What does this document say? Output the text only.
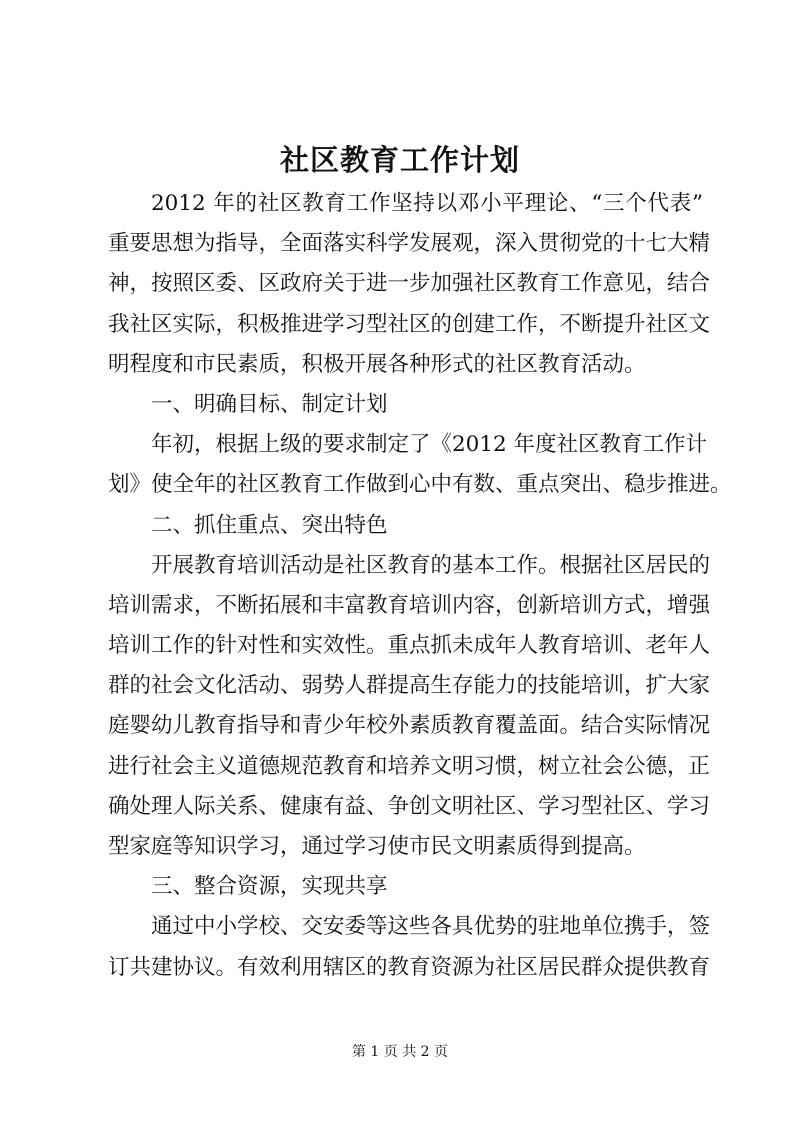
社区教育工作计划
2012 年的社区教育工作坚持以邓小平理论、“三个代表”
重要思想为指导，全面落实科学发展观，深入贯彻党的十七大精
神，按照区委、区政府关于进一步加强社区教育工作意见，结合
我社区实际，积极推进学习型社区的创建工作，不断提升社区文
明程度和市民素质，积极开展各种形式的社区教育活动。
一、明确目标、制定计划
年初，根据上级的要求制定了《2012 年度社区教育工作计
划》使全年的社区教育工作做到心中有数、重点突出、稳步推进。
二、抓住重点、突出特色
开展教育培训活动是社区教育的基本工作。根据社区居民的
培训需求，不断拓展和丰富教育培训内容，创新培训方式，增强
培训工作的针对性和实效性。重点抓未成年人教育培训、老年人
群的社会文化活动、弱势人群提高生存能力的技能培训，扩大家
庭婴幼儿教育指导和青少年校外素质教育覆盖面。结合实际情况
进行社会主义道德规范教育和培养文明习惯，树立社会公德，正
确处理人际关系、健康有益、争创文明社区、学习型社区、学习
型家庭等知识学习，通过学习使市民文明素质得到提高。
三、整合资源，实现共享
通过中小学校、交安委等这些各具优势的驻地单位携手，签
订共建协议。有效利用辖区的教育资源为社区居民群众提供教育
第 1 页 共 2 页
